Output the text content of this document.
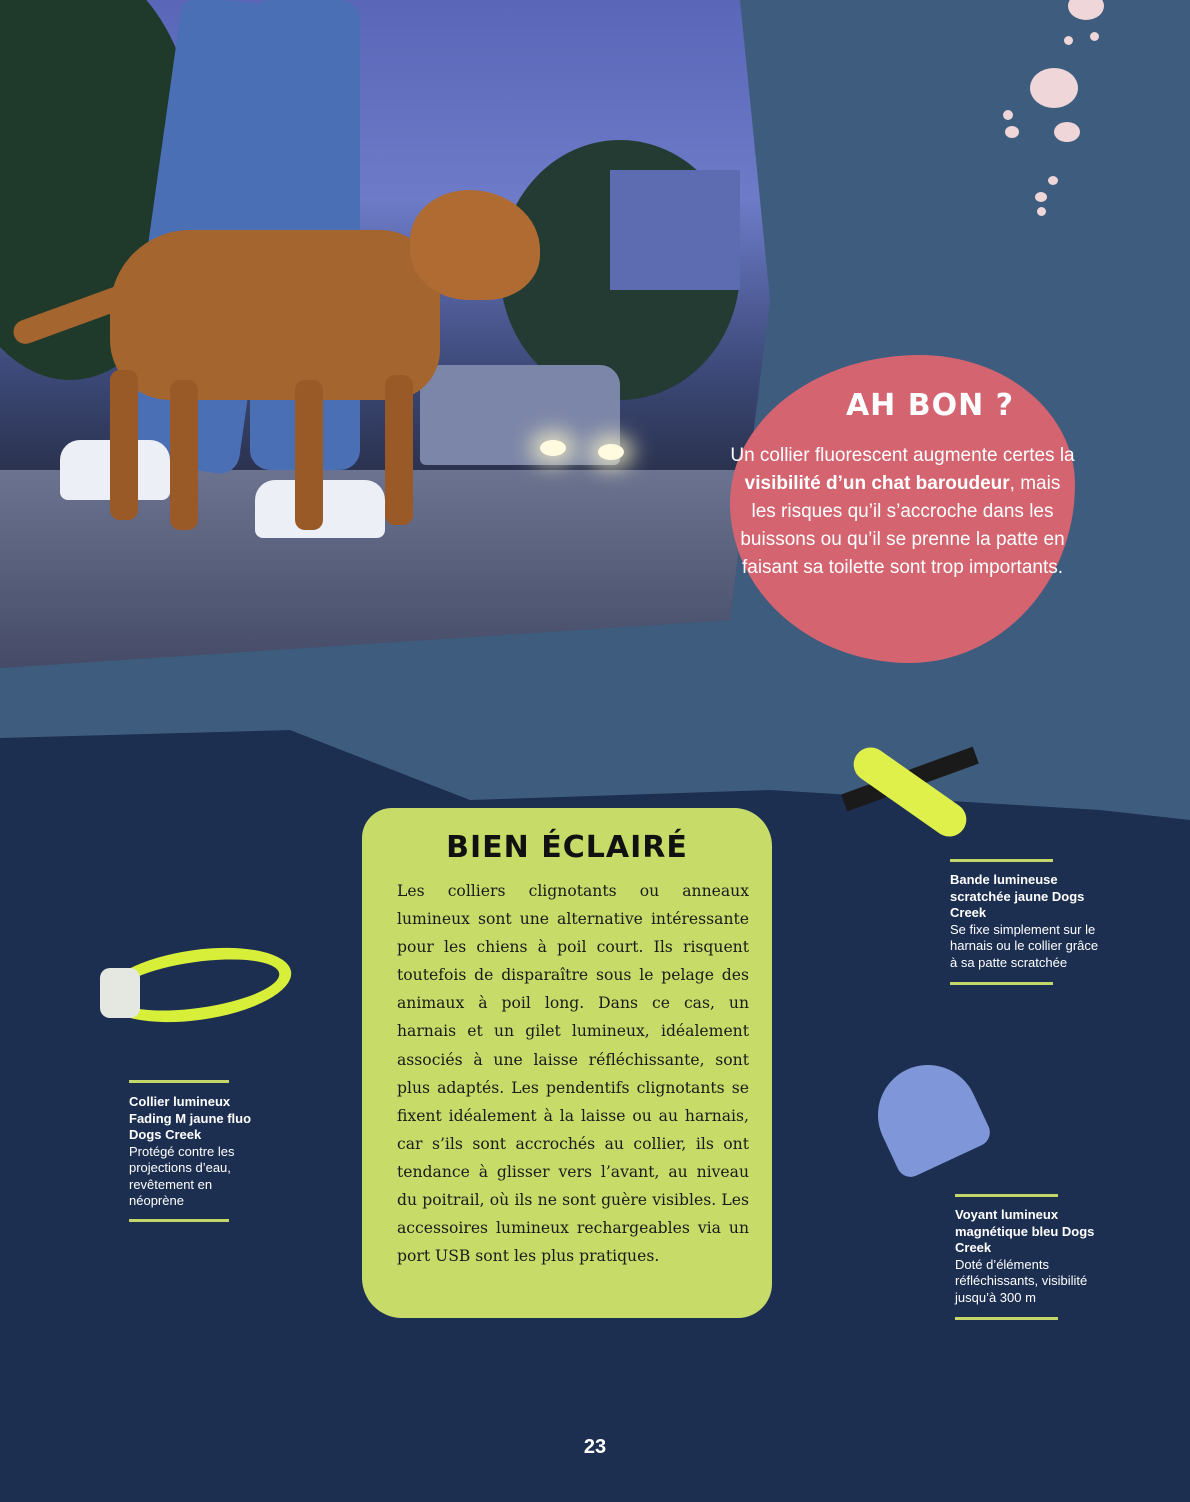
AH BON ?
Un collier fluorescent augmente certes la visibilité d’un chat baroudeur, mais les risques qu’il s’accroche dans les buissons ou qu’il se prenne la patte en faisant sa toilette sont trop importants.
BIEN ÉCLAIRÉ
Les colliers clignotants ou anneaux lumineux sont une alternative intéressante pour les chiens à poil court. Ils risquent toutefois de disparaître sous le pelage des animaux à poil long. Dans ce cas, un harnais et un gilet lumineux, idéalement associés à une laisse réfléchissante, sont plus adaptés. Les pendentifs clignotants se fixent idéalement à la laisse ou au harnais, car s’ils sont accrochés au collier, ils ont tendance à glisser vers l’avant, au niveau du poitrail, où ils ne sont guère visibles. Les accessoires lumineux rechargeables via un port USB sont les plus pratiques.
Collier lumineux Fading M jaune fluo Dogs Creek
Protégé contre les projections d’eau, revêtement en néoprène
Bande lumineuse scratchée jaune Dogs Creek
Se fixe simplement sur le harnais ou le collier grâce à sa patte scratchée
Voyant lumineux magnétique bleu Dogs Creek
Doté d’éléments réfléchissants, visibilité jusqu’à 300 m
23
